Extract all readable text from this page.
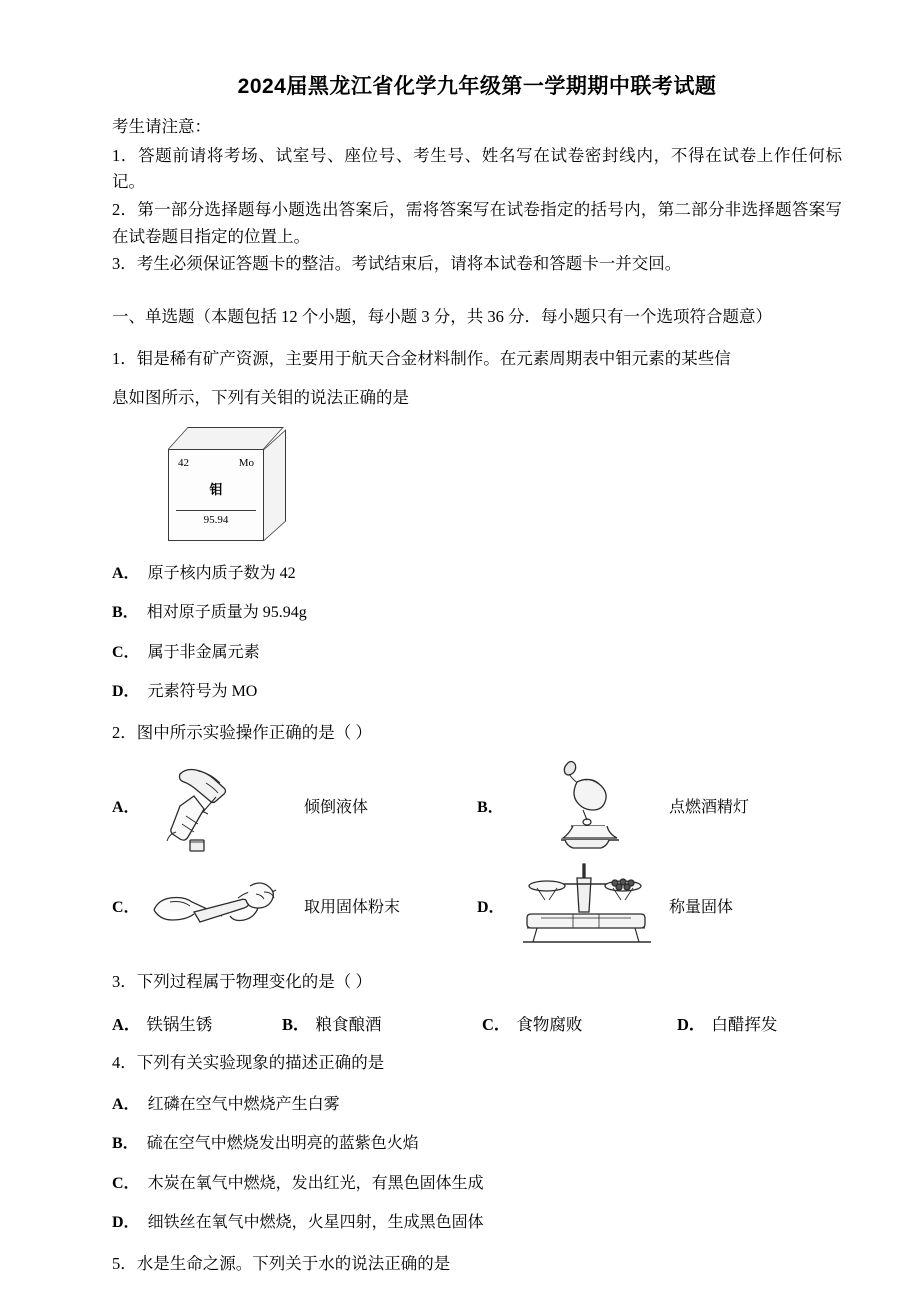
2024届黑龙江省化学九年级第一学期期中联考试题

考生请注意：

1．答题前请将考场、试室号、座位号、考生号、姓名写在试卷密封线内，不得在试卷上作任何标记。

2．第一部分选择题每小题选出答案后，需将答案写在试卷指定的括号内，第二部分非选择题答案写在试卷题目指定的位置上。

3．考生必须保证答题卡的整洁。考试结束后，请将本试卷和答题卡一并交回。

一、单选题（本题包括 12 个小题，每小题 3 分，共 36 分．每小题只有一个选项符合题意）

1．钼是稀有矿产资源，主要用于航天合金材料制作。在元素周期表中钼元素的某些信

息如图所示，下列有关钼的说法正确的是

42	Mo
钼
95.94

A． 原子核内质子数为 42

B． 相对原子质量为 95.94g

C． 属于非金属元素

D． 元素符号为 MO

2．图中所示实验操作正确的是（ ）

A．	倾倒液体	B．	点燃酒精灯
C．	取用固体粉末	D．	称量固体

3．下列过程属于物理变化的是（ ）

A． 铁锅生锈	B． 粮食酿酒	C． 食物腐败	D． 白醋挥发

4．下列有关实验现象的描述正确的是

A． 红磷在空气中燃烧产生白雾

B． 硫在空气中燃烧发出明亮的蓝紫色火焰

C． 木炭在氧气中燃烧，发出红光，有黑色固体生成

D． 细铁丝在氧气中燃烧，火星四射，生成黑色固体

5．水是生命之源。下列关于水的说法正确的是
